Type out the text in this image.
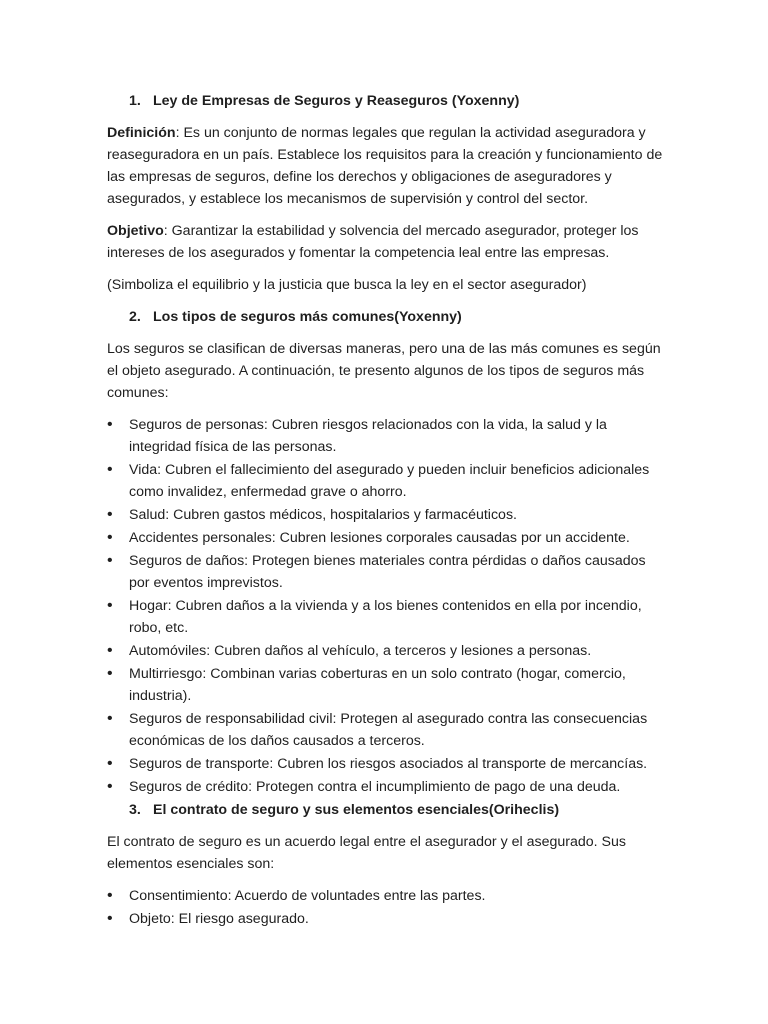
1. Ley de Empresas de Seguros y Reaseguros (Yoxenny)

Definición: Es un conjunto de normas legales que regulan la actividad aseguradora y reaseguradora en un país. Establece los requisitos para la creación y funcionamiento de las empresas de seguros, define los derechos y obligaciones de aseguradores y asegurados, y establece los mecanismos de supervisión y control del sector.

Objetivo: Garantizar la estabilidad y solvencia del mercado asegurador, proteger los intereses de los asegurados y fomentar la competencia leal entre las empresas.

(Simboliza el equilibrio y la justicia que busca la ley en el sector asegurador)

2. Los tipos de seguros más comunes(Yoxenny)

Los seguros se clasifican de diversas maneras, pero una de las más comunes es según el objeto asegurado. A continuación, te presento algunos de los tipos de seguros más comunes:

• Seguros de personas: Cubren riesgos relacionados con la vida, la salud y la integridad física de las personas.
• Vida: Cubren el fallecimiento del asegurado y pueden incluir beneficios adicionales como invalidez, enfermedad grave o ahorro.
• Salud: Cubren gastos médicos, hospitalarios y farmacéuticos.
• Accidentes personales: Cubren lesiones corporales causadas por un accidente.
• Seguros de daños: Protegen bienes materiales contra pérdidas o daños causados por eventos imprevistos.
• Hogar: Cubren daños a la vivienda y a los bienes contenidos en ella por incendio, robo, etc.
• Automóviles: Cubren daños al vehículo, a terceros y lesiones a personas.
• Multirriesgo: Combinan varias coberturas en un solo contrato (hogar, comercio, industria).
• Seguros de responsabilidad civil: Protegen al asegurado contra las consecuencias económicas de los daños causados a terceros.
• Seguros de transporte: Cubren los riesgos asociados al transporte de mercancías.
• Seguros de crédito: Protegen contra el incumplimiento de pago de una deuda.
3. El contrato de seguro y sus elementos esenciales(Oriheclis)

El contrato de seguro es un acuerdo legal entre el asegurador y el asegurado. Sus elementos esenciales son:

• Consentimiento: Acuerdo de voluntades entre las partes.
• Objeto: El riesgo asegurado.
